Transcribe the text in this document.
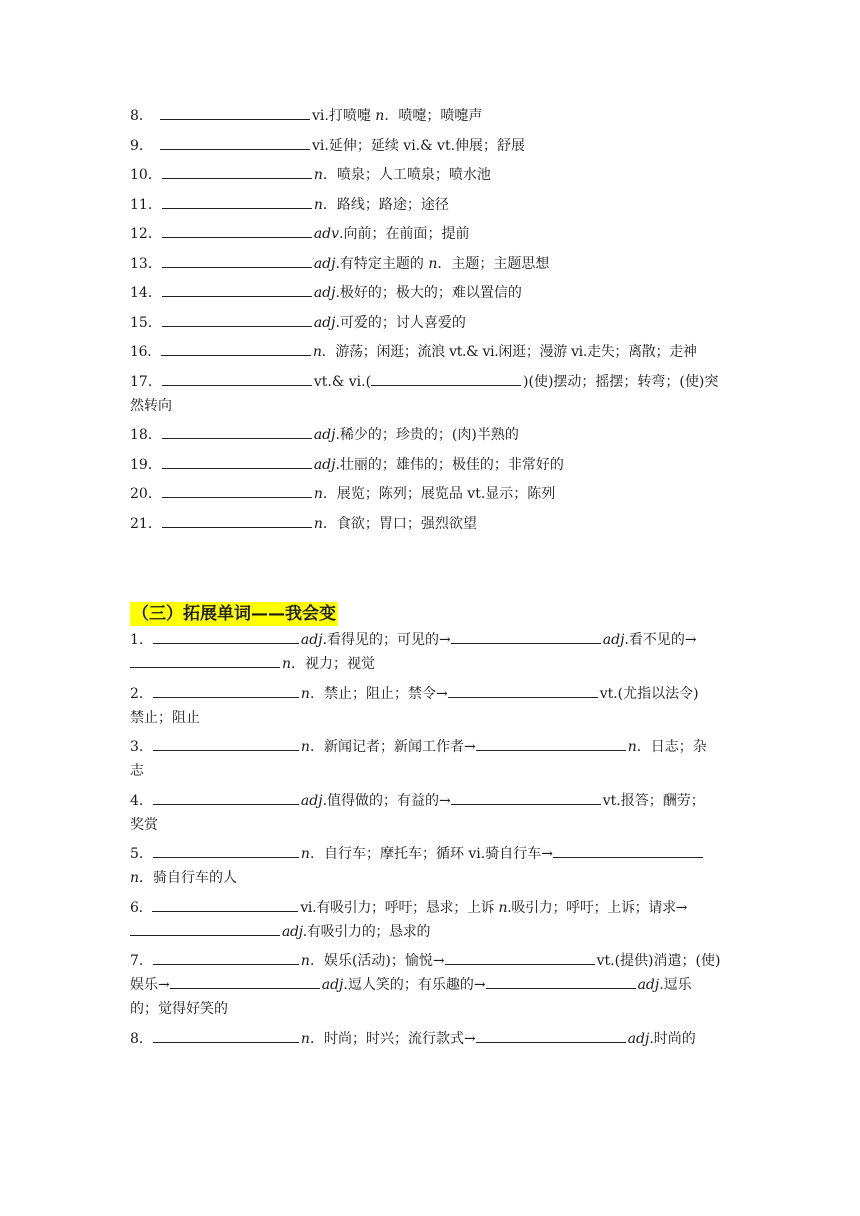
8．	vi.打喷嚏 n．喷嚏；喷嚏声
9．	vi.延伸；延续 vi.& vt.伸展；舒展
10．	n．喷泉；人工喷泉；喷水池
11．	n．路线；路途；途径
12．	adv.向前；在前面；提前
13．	adj.有特定主题的 n．主题；主题思想
14．	adj.极好的；极大的；难以置信的
15．	adj.可爱的；讨人喜爱的
16．	n．游荡；闲逛；流浪 vt.& vi.闲逛；漫游 vi.走失；离散；走神
17．	vt.& vi.(	)(使)摆动；摇摆；转弯；(使)突
然转向
18．	adj.稀少的；珍贵的；(肉)半熟的
19．	adj.壮丽的；雄伟的；极佳的；非常好的
20．	n．展览；陈列；展览品 vt.显示；陈列
21．	n．食欲；胃口；强烈欲望
（三）拓展单词——我会变
1．	adj.看得见的；可见的→	adj.看不见的→
n．视力；视觉
2．	n．禁止；阻止；禁令→	vt.(尤指以法令)
禁止；阻止
3．	n．新闻记者；新闻工作者→	n．日志；杂
志
4．	adj.值得做的；有益的→	vt.报答；酬劳；
奖赏
5．	n．自行车；摩托车；循环 vi.骑自行车→
n．骑自行车的人
6．	vi.有吸引力；呼吁；恳求；上诉 n.吸引力；呼吁；上诉；请求→
adj.有吸引力的；恳求的
7．	n．娱乐(活动)；愉悦→	vt.(提供)消遣；(使)
娱乐→	adj.逗人笑的；有乐趣的→	adj.逗乐
的；觉得好笑的
8．	n．时尚；时兴；流行款式→	adj.时尚的
